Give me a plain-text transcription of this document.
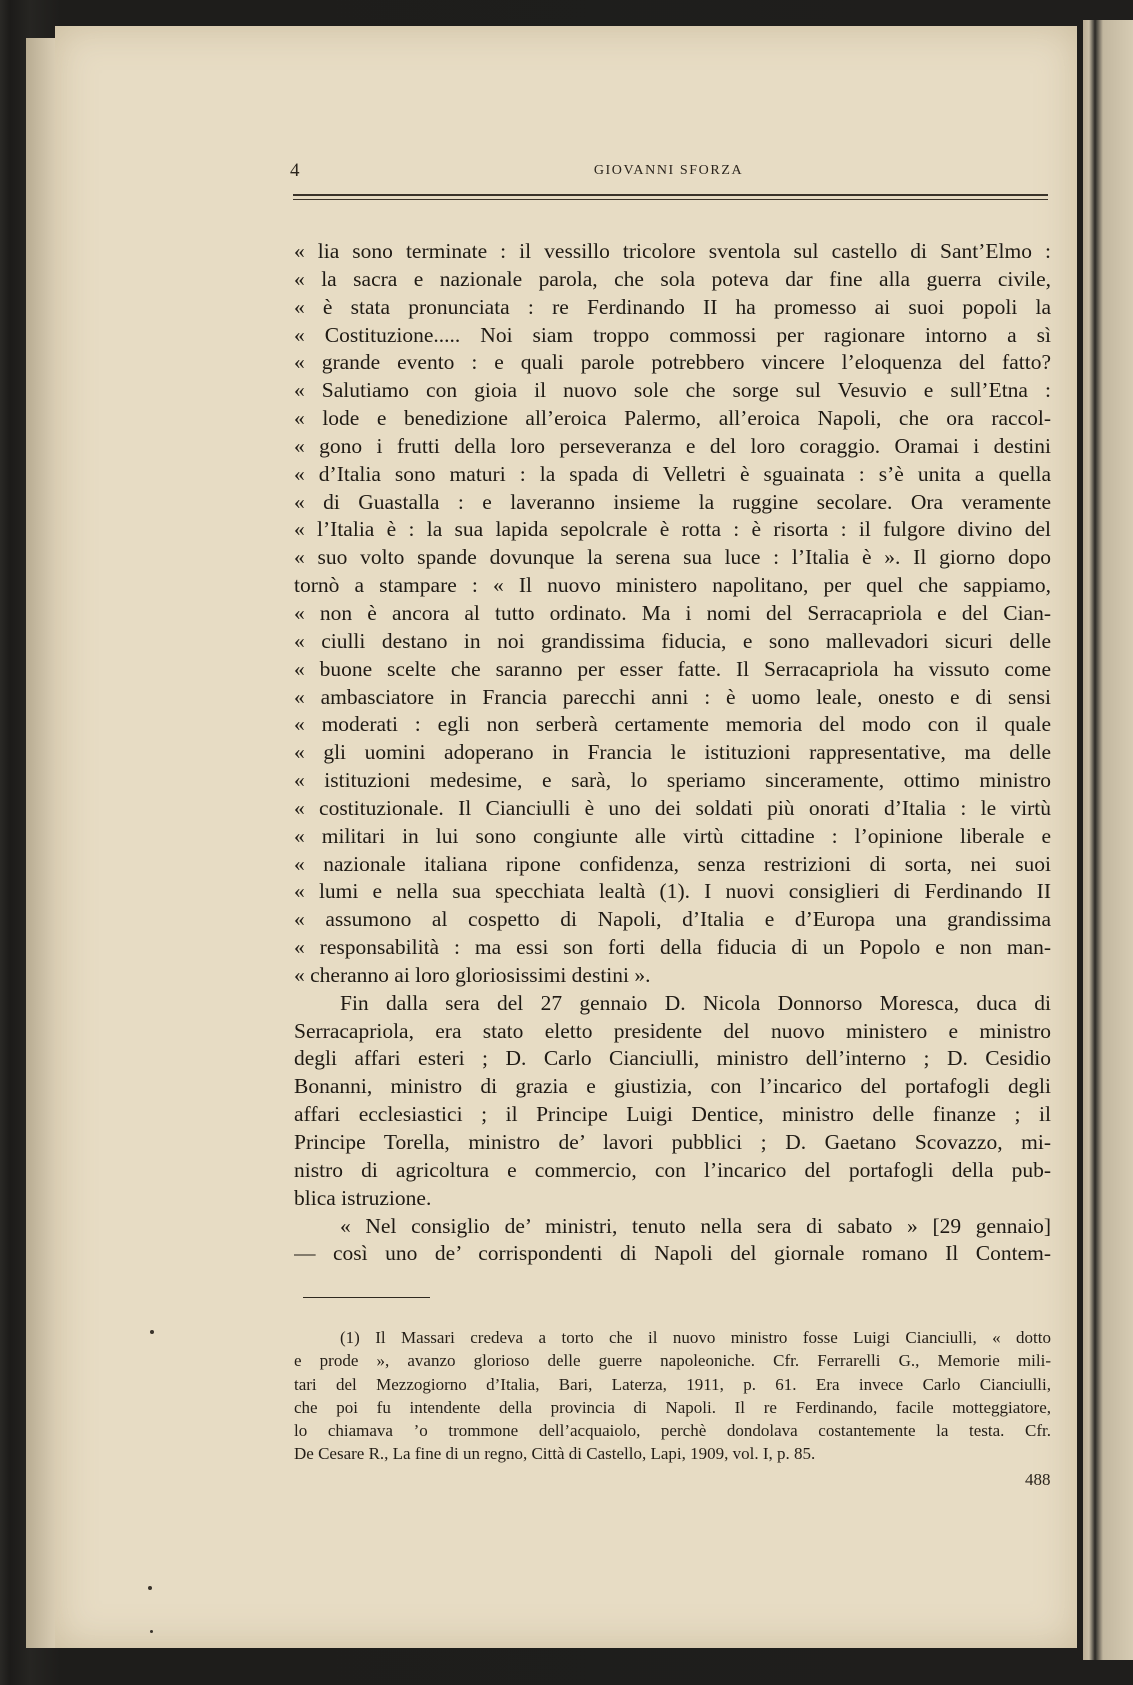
4	GIOVANNI SFORZA
« lia sono terminate : il vessillo tricolore sventola sul castello di Sant’Elmo :
« la sacra e nazionale parola, che sola poteva dar fine alla guerra civile,
« è stata pronunciata : re Ferdinando II ha promesso ai suoi popoli la
« Costituzione..... Noi siam troppo commossi per ragionare intorno a sì
« grande evento : e quali parole potrebbero vincere l’eloquenza del fatto?
« Salutiamo con gioia il nuovo sole che sorge sul Vesuvio e sull’Etna :
« lode e benedizione all’eroica Palermo, all’eroica Napoli, che ora raccol-
« gono i frutti della loro perseveranza e del loro coraggio. Oramai i destini
« d’Italia sono maturi : la spada di Velletri è sguainata : s’è unita a quella
« di Guastalla : e laveranno insieme la ruggine secolare. Ora veramente
« l’Italia è : la sua lapida sepolcrale è rotta : è risorta : il fulgore divino del
« suo volto spande dovunque la serena sua luce : l’Italia è ». Il giorno dopo
tornò a stampare : « Il nuovo ministero napolitano, per quel che sappiamo,
« non è ancora al tutto ordinato. Ma i nomi del Serracapriola e del Cian-
« ciulli destano in noi grandissima fiducia, e sono mallevadori sicuri delle
« buone scelte che saranno per esser fatte. Il Serracapriola ha vissuto come
« ambasciatore in Francia parecchi anni : è uomo leale, onesto e di sensi
« moderati : egli non serberà certamente memoria del modo con il quale
« gli uomini adoperano in Francia le istituzioni rappresentative, ma delle
« istituzioni medesime, e sarà, lo speriamo sinceramente, ottimo ministro
« costituzionale. Il Cianciulli è uno dei soldati più onorati d’Italia : le virtù
« militari in lui sono congiunte alle virtù cittadine : l’opinione liberale e
« nazionale italiana ripone confidenza, senza restrizioni di sorta, nei suoi
« lumi e nella sua specchiata lealtà (1). I nuovi consiglieri di Ferdinando II
« assumono al cospetto di Napoli, d’Italia e d’Europa una grandissima
« responsabilità : ma essi son forti della fiducia di un Popolo e non man-
« cheranno ai loro gloriosissimi destini ».
Fin dalla sera del 27 gennaio D. Nicola Donnorso Moresca, duca di
Serracapriola, era stato eletto presidente del nuovo ministero e ministro
degli affari esteri ; D. Carlo Cianciulli, ministro dell’interno ; D. Cesidio
Bonanni, ministro di grazia e giustizia, con l’incarico del portafogli degli
affari ecclesiastici ; il Principe Luigi Dentice, ministro delle finanze ; il
Principe Torella, ministro de’ lavori pubblici ; D. Gaetano Scovazzo, mi-
nistro di agricoltura e commercio, con l’incarico del portafogli della pub-
blica istruzione.
« Nel consiglio de’ ministri, tenuto nella sera di sabato » [29 gennaio]
— così uno de’ corrispondenti di Napoli del giornale romano Il Contem-
(1) Il Massari credeva a torto che il nuovo ministro fosse Luigi Cianciulli, « dotto
e prode », avanzo glorioso delle guerre napoleoniche. Cfr. Ferrarelli G., Memorie mili-
tari del Mezzogiorno d’Italia, Bari, Laterza, 1911, p. 61. Era invece Carlo Cianciulli,
che poi fu intendente della provincia di Napoli. Il re Ferdinando, facile motteggiatore,
lo chiamava ’o trommone dell’acquaiolo, perchè dondolava costantemente la testa. Cfr.
De Cesare R., La fine di un regno, Città di Castello, Lapi, 1909, vol. I, p. 85.
488
